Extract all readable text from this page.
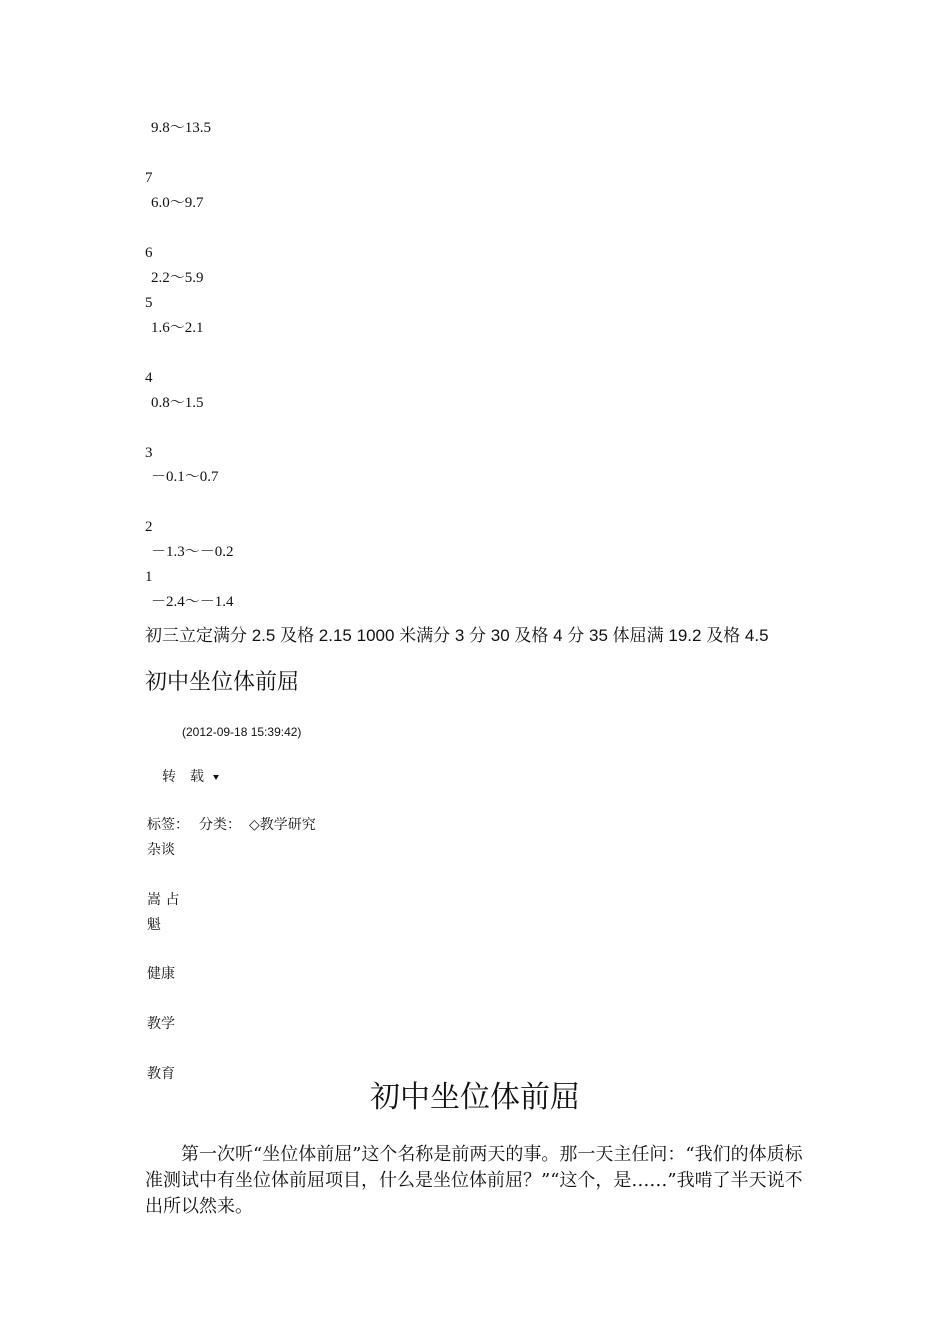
9.8～13.5
7
6.0～9.7
6
2.2～5.9
5
1.6～2.1
4
0.8～1.5
3
－0.1～0.7
2
－1.3～－0.2
1
－2.4～－1.4
初三立定满分 2.5 及格 2.15 1000 米满分 3 分 30 及格 4 分 35 体屈满 19.2 及格 4.5
初中坐位体前屈
(2012-09-18 15:39:42)
转　载
标签： 分类： ◇教学研究
杂谈
嵩 占
魁
健康
教学
教育
初中坐位体前屈
第一次听“坐位体前屈”这个名称是前两天的事。那一天主任问：“我们的体质标准测试中有坐位体前屈项目，什么是坐位体前屈？”“这个，是……”我啃了半天说不出所以然来。
